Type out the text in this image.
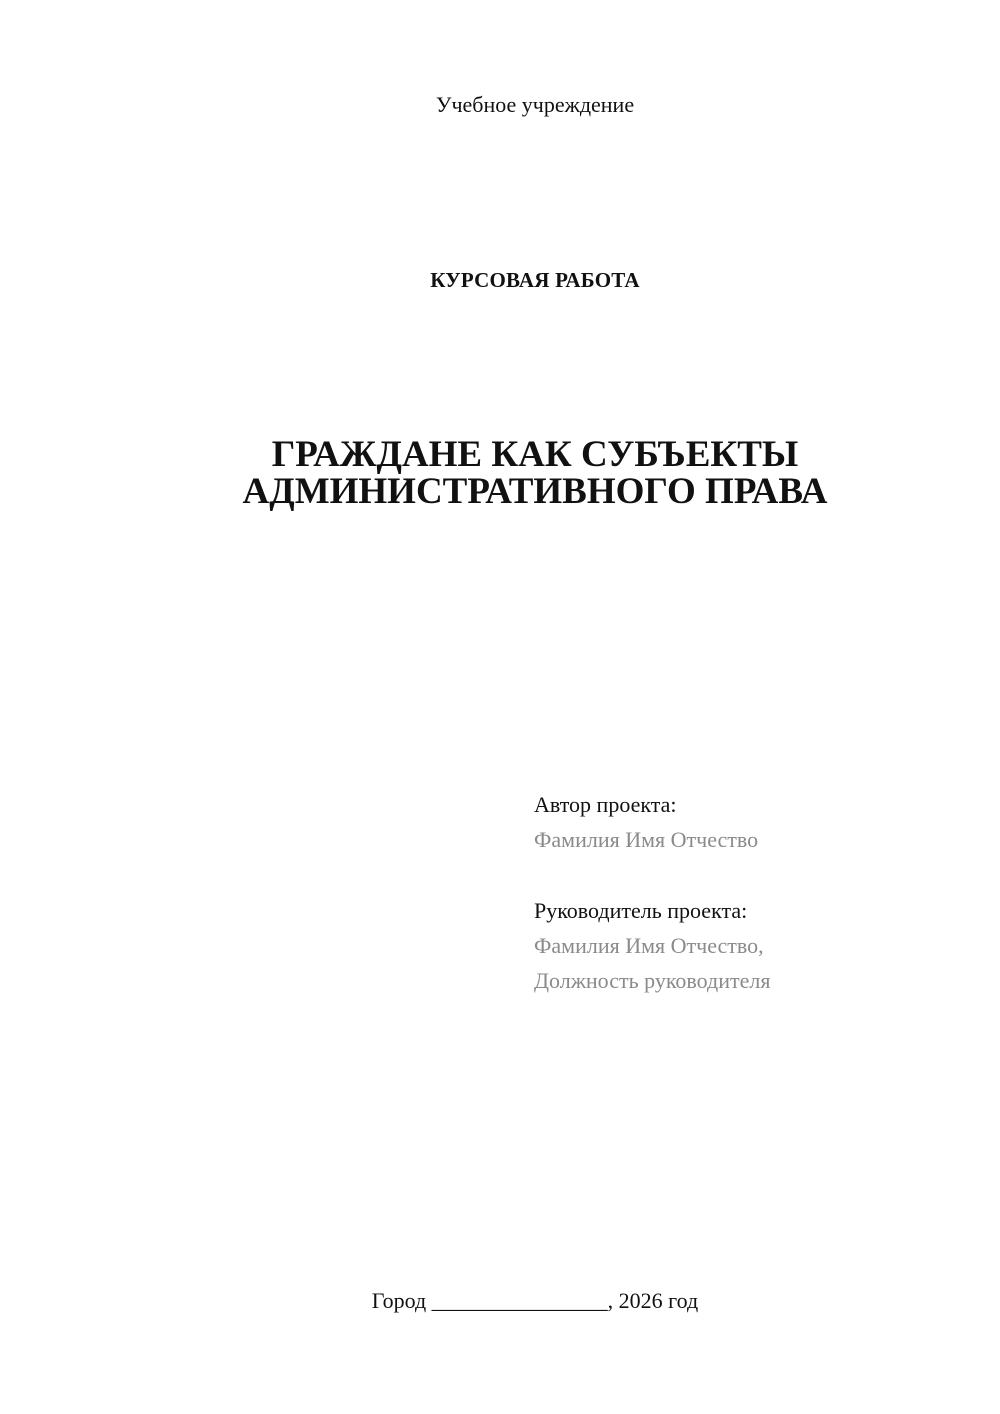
Учебное учреждение
КУРСОВАЯ РАБОТА
ГРАЖДАНЕ КАК СУБЪЕКТЫ
АДМИНИСТРАТИВНОГО ПРАВА
Автор проекта:
Фамилия Имя Отчество
Руководитель проекта:
Фамилия Имя Отчество,
Должность руководителя
Город ________________, 2026 год
